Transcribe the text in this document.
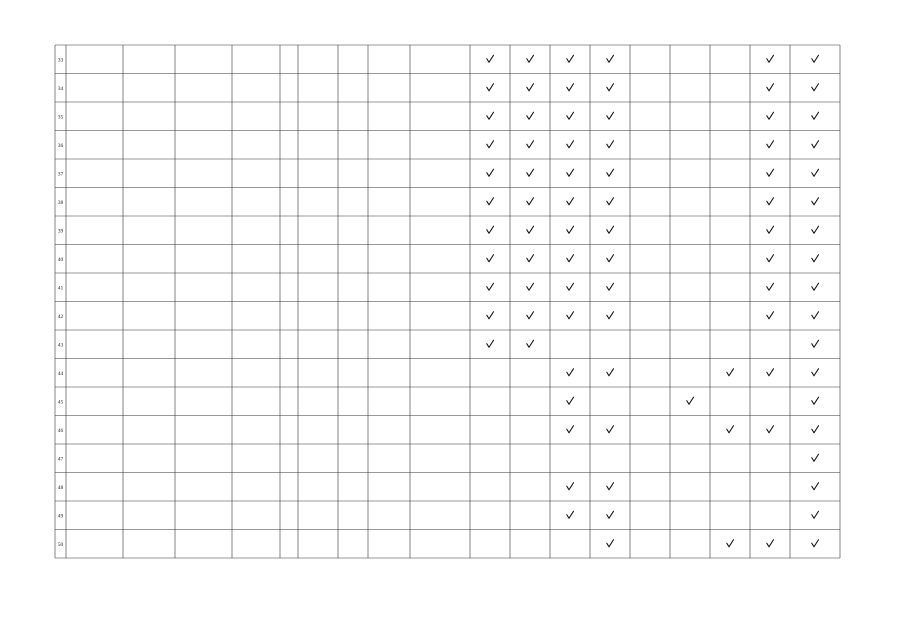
33
34
35
36
37
38
39
40
41
42
43
44
45
46
47
48
49
50
